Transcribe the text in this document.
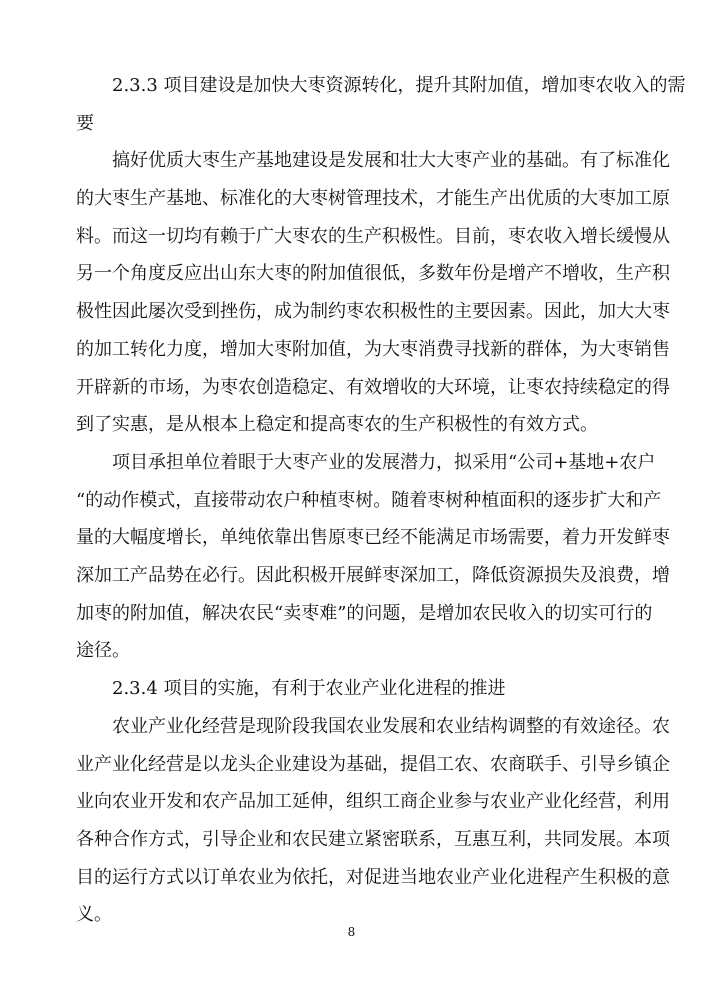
2.3.3 项目建设是加快大枣资源转化，提升其附加值，增加枣农收入的需
要
搞好优质大枣生产基地建设是发展和壮大大枣产业的基础。有了标准化
的大枣生产基地、标准化的大枣树管理技术，才能生产出优质的大枣加工原
料。而这一切均有赖于广大枣农的生产积极性。目前，枣农收入增长缓慢从
另一个角度反应出山东大枣的附加值很低，多数年份是增产不增收，生产积
极性因此屡次受到挫伤，成为制约枣农积极性的主要因素。因此，加大大枣
的加工转化力度，增加大枣附加值，为大枣消费寻找新的群体，为大枣销售
开辟新的市场，为枣农创造稳定、有效增收的大环境，让枣农持续稳定的得
到了实惠，是从根本上稳定和提高枣农的生产积极性的有效方式。
项目承担单位着眼于大枣产业的发展潜力，拟采用“公司+基地+农户
“的动作模式，直接带动农户种植枣树。随着枣树种植面积的逐步扩大和产
量的大幅度增长，单纯依靠出售原枣已经不能满足市场需要，着力开发鲜枣
深加工产品势在必行。因此积极开展鲜枣深加工，降低资源损失及浪费，增
加枣的附加值，解决农民“卖枣难”的问题，是增加农民收入的切实可行的
途径。
2.3.4 项目的实施，有利于农业产业化进程的推进
农业产业化经营是现阶段我国农业发展和农业结构调整的有效途径。农
业产业化经营是以龙头企业建设为基础，提倡工农、农商联手、引导乡镇企
业向农业开发和农产品加工延伸，组织工商企业参与农业产业化经营，利用
各种合作方式，引导企业和农民建立紧密联系，互惠互利，共同发展。本项
目的运行方式以订单农业为依托，对促进当地农业产业化进程产生积极的意
义。
8
